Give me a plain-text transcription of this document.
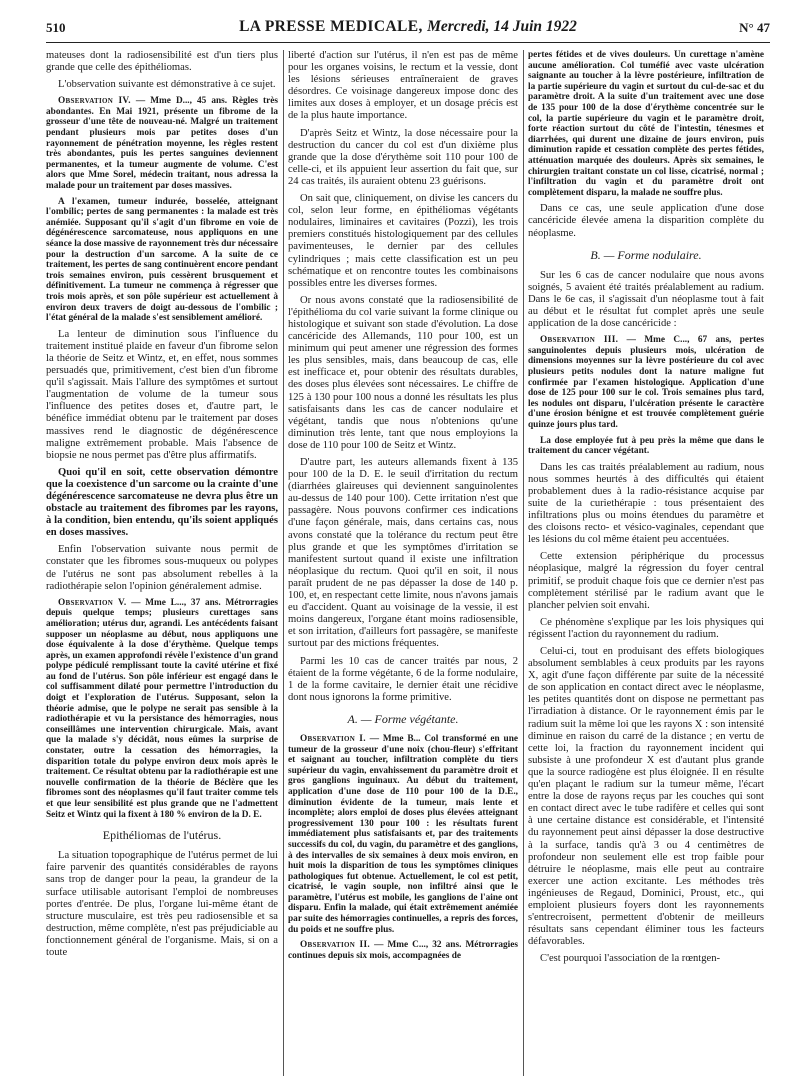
510	LA PRESSE MEDICALE, Mercredi, 14 Juin 1922	N° 47

mateuses dont la radiosensibilité est d'un tiers plus grande que celle des épithéliomas.

L'observation suivante est démonstrative à ce sujet.

Observation IV. — Mme D..., 45 ans. Règles très abondantes. En Mai 1921, présente un fibrome de la grosseur d'une tête de nouveau-né. Malgré un traitement pendant plusieurs mois par petites doses d'un rayonnement de pénétration moyenne, les règles restent très abondantes, puis les pertes sanguines deviennent permanentes, et la tumeur augmente de volume. C'est alors que Mme Sorel, médecin traitant, nous adressa la malade pour un traitement par doses massives.

A l'examen, tumeur indurée, bosselée, atteignant l'ombilic; pertes de sang permanentes : la malade est très anémiée. Supposant qu'il s'agit d'un fibrome en voie de dégénérescence sarcomateuse, nous appliquons en une séance la dose massive de rayonnement très dur nécessaire pour la destruction d'un sarcome. A la suite de ce traitement, les pertes de sang continuèrent encore pendant trois semaines environ, puis cessèrent brusquement et définitivement. La tumeur ne commença à régresser que trois mois après, et son pôle supérieur est actuellement à environ deux travers de doigt au-dessous de l'ombilic ; l'état général de la malade s'est sensiblement amélioré.

La lenteur de diminution sous l'influence du traitement institué plaide en faveur d'un fibrome selon la théorie de Seitz et Wintz, et, en effet, nous sommes persuadés que, primitivement, c'est bien d'un fibrome qu'il s'agissait. Mais l'allure des symptômes et surtout l'augmentation de volume de la tumeur sous l'influence des petites doses et, d'autre part, le bénéfice immédiat obtenu par le traitement par doses massives rend le diagnostic de dégénérescence maligne extrêmement probable. Mais l'absence de biopsie ne nous permet pas d'être plus affirmatifs.

Quoi qu'il en soit, cette observation démontre que la coexistence d'un sarcome ou la crainte d'une dégénérescence sarcomateuse ne devra plus être un obstacle au traitement des fibromes par les rayons, à la condition, bien entendu, qu'ils soient appliqués en doses massives.

Enfin l'observation suivante nous permit de constater que les fibromes sous-muqueux ou polypes de l'utérus ne sont pas absolument rebelles à la radiothérapie selon l'opinion généralement admise.

Observation V. — Mme L..., 37 ans. Métrorragies depuis quelque temps; plusieurs curettages sans amélioration; utérus dur, agrandi. Les antécédents faisant supposer un néoplasme au début, nous appliquons une dose équivalente à la dose d'érythème. Quelque temps après, un examen approfondi révèle l'existence d'un grand polype pédiculé remplissant toute la cavité utérine et fixé au fond de l'utérus. Son pôle inférieur est engagé dans le col suffisamment dilaté pour permettre l'introduction du doigt et l'exploration de l'utérus. Supposant, selon la théorie admise, que le polype ne serait pas sensible à la radiothérapie et vu la persistance des hémorragies, nous conseillâmes une intervention chirurgicale. Mais, avant que la malade s'y décidât, nous eûmes la surprise de constater, outre la cessation des hémorragies, la disparition totale du polype environ deux mois après le traitement. Ce résultat obtenu par la radiothérapie est une nouvelle confirmation de la théorie de Béclère que les fibromes sont des néoplasmes qu'il faut traiter comme tels et que leur sensibilité est plus grande que ne l'admettent Seitz et Wintz qui la fixent à 180 % environ de la D. E.

Epithéliomas de l'utérus.

La situation topographique de l'utérus permet de lui faire parvenir des quantités considérables de rayons sans trop de danger pour la peau, la grandeur de la surface utilisable autorisant l'emploi de nombreuses portes d'entrée. De plus, l'organe lui-même étant de structure musculaire, est très peu radiosensible et sa destruction, même complète, n'est pas préjudiciable au fonctionnement général de l'organisme. Mais, si on a toute

liberté d'action sur l'utérus, il n'en est pas de même pour les organes voisins, le rectum et la vessie, dont les lésions sérieuses entraîneraient de graves désordres. Ce voisinage dangereux impose donc des limites aux doses à employer, et un dosage précis est de la plus haute importance.

D'après Seitz et Wintz, la dose nécessaire pour la destruction du cancer du col est d'un dixième plus grande que la dose d'érythème soit 110 pour 100 de celle-ci, et ils appuient leur assertion du fait que, sur 24 cas traités, ils auraient obtenu 23 guérisons.

On sait que, cliniquement, on divise les cancers du col, selon leur forme, en épithéliomas végétants nodulaires, liminaires et cavitaires (Pozzi), les trois premiers constitués histologiquement par des cellules pavimenteuses, le dernier par des cellules cylindriques ; mais cette classification est un peu schématique et on rencontre toutes les combinaisons possibles entre les diverses formes.

Or nous avons constaté que la radiosensibilité de l'épithélioma du col varie suivant la forme clinique ou histologique et suivant son stade d'évolution. La dose cancéricide des Allemands, 110 pour 100, est un minimum qui peut amener une régression des formes les plus sensibles, mais, dans beaucoup de cas, elle est inefficace et, pour obtenir des résultats durables, des doses plus élevées sont nécessaires. Le chiffre de 125 à 130 pour 100 nous a donné les résultats les plus satisfaisants dans les cas de cancer nodulaire et végétant, tandis que nous n'obtenions qu'une diminution très lente, tant que nous employions la dose de 110 pour 100 de Seitz et Wintz.

D'autre part, les auteurs allemands fixent à 135 pour 100 de la D. E. le seuil d'irritation du rectum (diarrhées glaireuses qui deviennent sanguinolentes au-dessus de 140 pour 100). Cette irritation n'est que passagère. Nous pouvons confirmer ces indications d'une façon générale, mais, dans certains cas, nous avons constaté que la tolérance du rectum peut être plus grande et que les symptômes d'irritation se manifestent surtout quand il existe une infiltration néoplasique du rectum. Quoi qu'il en soit, il nous paraît prudent de ne pas dépasser la dose de 140 p. 100, et, en respectant cette limite, nous n'avons jamais eu d'accident. Quant au voisinage de la vessie, il est moins dangereux, l'organe étant moins radiosensible, et son irritation, d'ailleurs fort passagère, se manifeste surtout par des mictions fréquentes.

Parmi les 10 cas de cancer traités par nous, 2 étaient de la forme végétante, 6 de la forme nodulaire, 1 de la forme cavitaire, le dernier était une récidive dont nous ignorons la forme primitive.

A. — Forme végétante.

Observation I. — Mme B... Col transformé en une tumeur de la grosseur d'une noix (chou-fleur) s'effritant et saignant au toucher, infiltration complète du tiers supérieur du vagin, envahissement du paramètre droit et gros ganglions inguinaux. Au début du traitement, application d'une dose de 110 pour 100 de la D.E., diminution évidente de la tumeur, mais lente et incomplète; alors emploi de doses plus élevées atteignant progressivement 130 pour 100 : les résultats furent immédiatement plus satisfaisants et, par des traitements successifs du col, du vagin, du paramètre et des ganglions, à des intervalles de six semaines à deux mois environ, en huit mois la disparition de tous les symptômes cliniques pathologiques fut obtenue. Actuellement, le col est petit, cicatrisé, le vagin souple, non infiltré ainsi que le paramètre, l'utérus est mobile, les ganglions de l'aine ont disparu. Enfin la malade, qui était extrêmement anémiée par suite des hémorragies continuelles, a repris des forces, du poids et ne souffre plus.

Observation II. — Mme C..., 32 ans. Métrorragies continues depuis six mois, accompagnées de

pertes fétides et de vives douleurs. Un curettage n'amène aucune amélioration. Col tuméfié avec vaste ulcération saignante au toucher à la lèvre postérieure, infiltration de la partie supérieure du vagin et surtout du cul-de-sac et du paramètre droit. A la suite d'un traitement avec une dose de 135 pour 100 de la dose d'érythème concentrée sur le col, la partie supérieure du vagin et le paramètre droit, forte réaction surtout du côté de l'intestin, ténesmes et diarrhées, qui durent une dizaine de jours environ, puis diminution rapide et cessation complète des pertes fétides, atténuation marquée des douleurs. Après six semaines, le chirurgien traitant constate un col lisse, cicatrisé, normal ; l'infiltration du vagin et du paramètre droit ont complètement disparu, la malade ne souffre plus.

Dans ce cas, une seule application d'une dose cancéricide élevée amena la disparition complète du néoplasme.

B. — Forme nodulaire.

Sur les 6 cas de cancer nodulaire que nous avons soignés, 5 avaient été traités préalablement au radium. Dans le 6e cas, il s'agissait d'un néoplasme tout à fait au début et le résultat fut complet après une seule application de la dose cancéricide :

Observation III. — Mme C..., 67 ans, pertes sanguinolentes depuis plusieurs mois, ulcération de dimensions moyennes sur la lèvre postérieure du col avec plusieurs petits nodules dont la nature maligne fut confirmée par l'examen histologique. Application d'une dose de 125 pour 100 sur le col. Trois semaines plus tard, les nodules ont disparu, l'ulcération présente le caractère d'une érosion bénigne et est trouvée complètement guérie quinze jours plus tard.

La dose employée fut à peu près la même que dans le traitement du cancer végétant.

Dans les cas traités préalablement au radium, nous nous sommes heurtés à des difficultés qui étaient probablement dues à la radio-résistance acquise par suite de la curiethérapie : tous présentaient des infiltrations plus ou moins étendues du paramètre et des cloisons recto- et vésico-vaginales, cependant que les lésions du col même étaient peu accentuées.

Cette extension périphérique du processus néoplasique, malgré la régression du foyer central primitif, se produit chaque fois que ce dernier n'est pas complètement stérilisé par le radium avant que le plancher pelvien soit envahi.

Ce phénomène s'explique par les lois physiques qui régissent l'action du rayonnement du radium.

Celui-ci, tout en produisant des effets biologiques absolument semblables à ceux produits par les rayons X, agit d'une façon différente par suite de la nécessité de son application en contact direct avec le néoplasme, les petites quantités dont on dispose ne permettant pas l'irradiation à distance. Or le rayonnement émis par le radium suit la même loi que les rayons X : son intensité diminue en raison du carré de la distance ; en vertu de cette loi, la fraction du rayonnement incident qui subsiste à une profondeur X est d'autant plus grande que la source radiogène est plus éloignée. Il en résulte qu'en plaçant le radium sur la tumeur même, l'écart entre la dose de rayons reçus par les couches qui sont en contact direct avec le tube radifère et celles qui sont à une certaine distance est considérable, et l'intensité du rayonnement peut ainsi dépasser la dose destructive à la surface, tandis qu'à 3 ou 4 centimètres de profondeur non seulement elle est trop faible pour détruire le néoplasme, mais elle peut au contraire exercer une action excitante. Les méthodes très ingénieuses de Regaud, Dominici, Proust, etc., qui emploient plusieurs foyers dont les rayonnements s'entrecroisent, permettent d'obtenir de meilleurs résultats sans cependant éliminer tous les facteurs défavorables.

C'est pourquoi l'association de la rœntgen-
